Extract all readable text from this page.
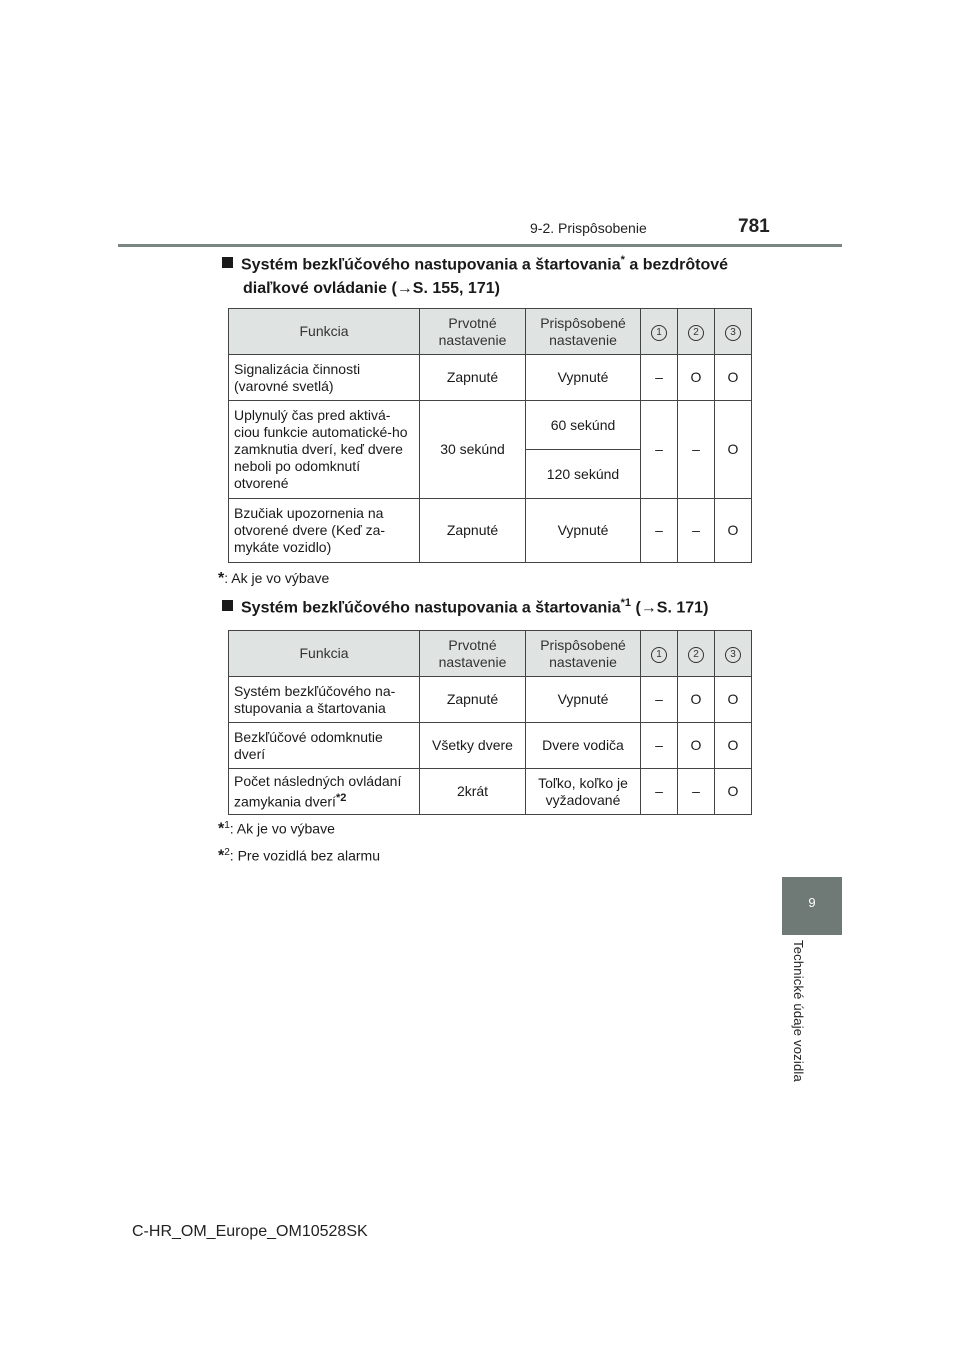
9-2. Prispôsobenie	781
9
Technické údaje vozidla
Systém bezkľúčového nastupovania a štartovania* a bezdrôtové
diaľkové ovládanie (→S. 155, 171)
Funkcia	Prvotné nastavenie	Prispôsobené nastavenie	1	2	3
Signalizácia činnosti (varovné svetlá)	Zapnuté	Vypnuté	–	O	O
Uplynulý čas pred aktivá-ciou funkcie automatické-ho zamknutia dverí, keď dvere neboli po odomknutí otvorené	30 sekúnd	60 sekúnd	–	–	O
		120 sekúnd			
Bzučiak upozornenia na otvorené dvere (Keď za-mykáte vozidlo)	Zapnuté	Vypnuté	–	–	O
*: Ak je vo výbave
Systém bezkľúčového nastupovania a štartovania$^{*1}$ (→S. 171)
Funkcia	Prvotné nastavenie	Prispôsobené nastavenie	1	2	3
Systém bezkľúčového na-stupovania a štartovania	Zapnuté	Vypnuté	–	O	O
Bezkľúčové odomknutie dverí	Všetky dvere	Dvere vodiča	–	O	O
Počet následných ovládaní zamykania dverí$^{*2}$	2krát	Toľko, koľko je vyžadované	–	–	O
*$^1$: Ak je vo výbave
*$^2$: Pre vozidlá bez alarmu
C-HR_OM_Europe_OM10528SK
